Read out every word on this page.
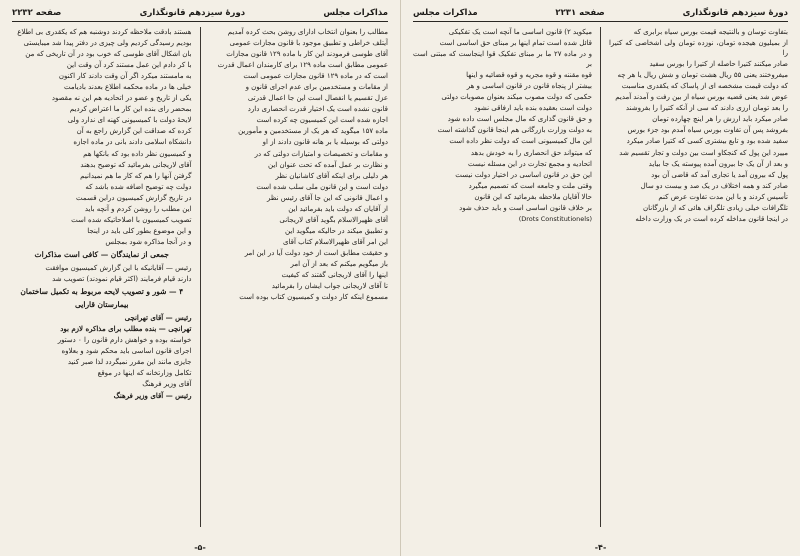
دورهٔ سیزدهم قانونگذاری
صفحه ۲۲۳۱
مذاکرات مجلس
بتفاوت توسان و بالنتیجه قیمت بورس سیاه برابری که
از بمیلیون هیجده تومان، نوزده تومان ولی اشخاصی که کتیرا را
صادر میکنند کتیرا حاصله از کتیرا را بورس سفید
میفروختند یعنی ۵۵ ریال هشت تومان و شش ریال یا هر چه
که دولت قیمت مشخصه ای از پاساک که یکقدری مناسبت
عوض شد یعنی قضیه بورس سیاه از بین رفت و آمدند آمدیم
را بعد تومان ارزی دادند که سی از آنکه کتیرا را بفروشند
صادر میکرد باید ارزش را هر اینچ چهارده تومان
بفروشد پس آن تفاوت بورس سیاه آمدم بود جزء بورس
سفید شده بود و تابع بیشتری کسی که کتیرا صادر میکرد
مییرد این پول که کنجکاو است بین دولت و تجار تقسیم شد
و بعد از آن یک جا بیرون آمده پیوسته یک جا بیاید
پول که بیرون آمد یا تجاری آمد که قاضی آن بود
صادر کند و همه اختلاف در یک صد و بیست دو سال
تأسیس کردند و با این مدت تفاوت عرض کنم
تلگرافات خیلی زیادی تلگراف هائی که از بازرگانان
در اینجا قانون مداخله کرده است در یک وزارت داخله
میکوید ۲) قانون اساسی ما آنچه است یک تفکیکی
قائل شده است تمام اینها بر مبنای حق اساسی است
و در ماده ۲۷ ما بر مبنای تفکیک قوا اینجاست که مبتنی است بر
قوه مقننه و قوه مجریه و قوه قضائیه و اینها
بیشتر از پنجاه قانون در قانون اساسی و هر
حکمی که دولت مصوب میکند بعنوان مصوبات دولتی
دولت است بعقیده بنده باید ارفاقی نشود
و حق قانون گذاری که مال مجلس است داده شود
به دولت وزارت بازرگانی هم اینجا قانون گذاشته است
این مال کمیسیونی است که دولت نظر داده است
که میتواند حق انحصاری را به خودش بدهد
اتحادیه و مجمع تجارت در این مسئله نیست
این حق در قانون اساسی در اختیار دولت نیست
وقتی ملت و جامعه است که تصمیم میگیرد
حالا آقایان ملاحظه بفرمائید که این قانون
بر خلاف قانون اساسی است و باید حذف شود
(Drots Constitutionels)
-۴-
مذاکرات مجلس
دورهٔ سیزدهم قانونگذاری
صفحه ۲۲۳۲
مطالب را بعنوان انتخاب ادارای روشن بحث کرده آمدیم
آیتلف خراطی و تطبیق موجود با قانون مجازات عمومی
آقای طوسی فرمودند این کار با ماده ۱۲۹ قانون مجازات
عمومی مطابق است ماده ۱۲۹ برای کارمندان اعمال قدرت
است که در ماده ۱۲۹ قانون مجازات عمومی است
از مقامات و مستخدمین برای عدم اجرای قانون و
عزل تقسیم یا انفصال است این جا اعمال قدرتی
قانون نشده است یک اختیار قدرت انحصاری دارد
اجازه شده است این کمیسیون چه کرده است
ماده ۱۵۷ میگوید که هر یک از مستخدمین و مأمورین
دولتی که بوسیله یا بر هانه قانون دادند از او
و مقامات و تخصیصات و امتیازات دولتی که در
و نظارت بر عمل آمده که تحت عنوان این
هر دلیلی برای اینکه آقای کاشانیان نظر
دولت است و این قانون ملی سلب شده است
و اعمال قانونی که این جا آقای رئیس نظر
از آقایان که دولت باید بفرمائید این
آقای ظهیرالاسلام بگوید آقای لاریجانی
و تطبیق میکند در حالیکه میگوید این
این امر آقای ظهیرالاسلام کتاب آقای
و حقیقت مطابق است از خود دولت آیا در این امر
باز میگویم میکنم که بعد از آن امر
اینها را آقای لاریجانی گفتند که کیفیت
تا آقای لاریجانی جواب ایشان را بفرمائید
مسموع اینکه کار دولت و کمیسیون کتاب بوده است
هستند بادقت ملاحظه کردند دوشنبه هم که یکقدری بی اطلاع
بودیم رسیدگی کردیم ولی چیزی در دفتر پیدا شد میبایستی
بان اشکال آقای طوسی که خوب بود در آن تاریخی که من
با کر دادم این عمل مستند کرد آن وقت این
به مامستند میکرد اگر آن وقت دادند کار اکنون
خیلی ها در ماده محکمه اطلاع بعدند بادیامت
یکی از تاریخ و عضو در اتحادیه هم این نه مقصود
بمحضر رای بنده این کار ما اعتراض کردیم
لایحهٔ دولت با کمیسیونی کهنه ای ندارد ولی
کرده که صداقت این گزارش راجع به آن
دانشکاه اسلامی دادند بانی در ماده اجازه
و کمیسیون نظر داده بود که بانکها هم
آقای لاریجانی بفرمائید که توضیح بدهند
گرفتن آنها را هم که کار ما هم نمیدانیم
دولت چه توضیح اضافه شده باشد که
در تاریخ گزارش کمیسیون دراین قسمت
این مطلب را روشن کردم و آنچه باید
تصویب کمیسیون با اصلاحاتیکه شده است
و این موضوع بطور کلی باید در اینجا
و در آنجا مذاکره شود بمجلس
جمعی از نمایندگان — کافی است مذاکرات
رئیس — آقایانیکه با این گزارش کمیسیون موافقت
دارند قیام فرمایند (اکثر قیام نمودند) تصویب شد
۴ — شور و تصویب لایحه مربوط به تکمیل ساختمان
بیمارستان قارایی
رئیس — آقای تهرانچی
تهرانچی — بنده مطلب برای مذاکره لازم بود
خواسته بوده و خواهش دارم قانون را ۰ دستور
اجرای قانون اساسی باید محکم شود و بعلاوه
جایزی مانند این مقرر نمیگردد لذا صبر کنید
تکامل وزارتخانه که اینها در موقع
آقای وزیر فرهنگ
رئیس — آقای وزیر فرهنگ
-۵-
